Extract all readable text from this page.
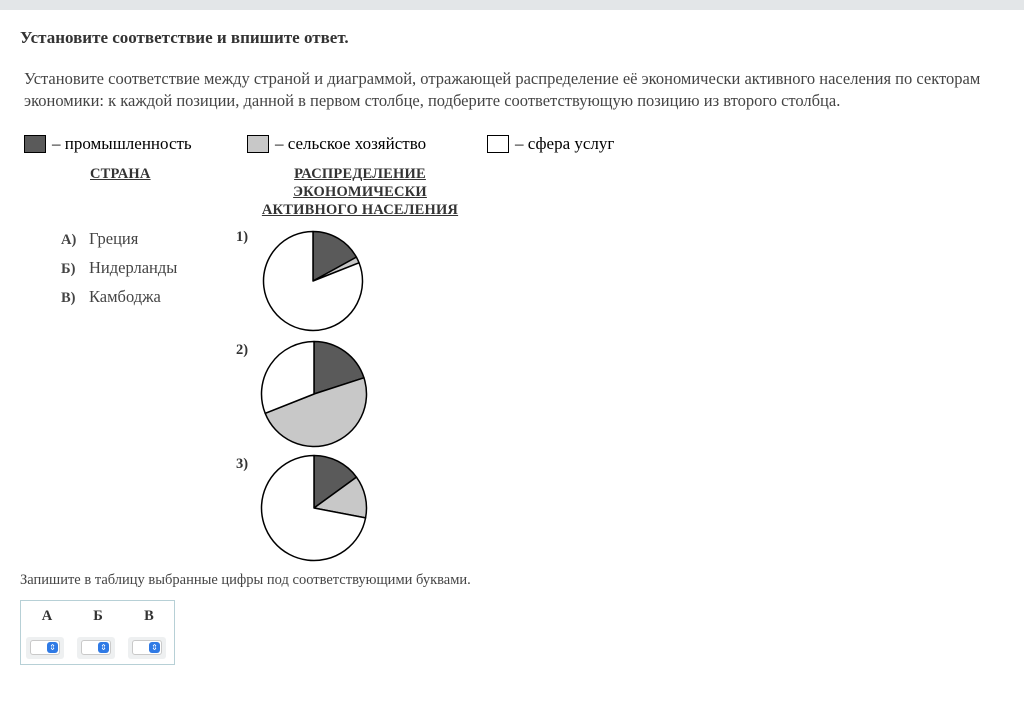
Установите соответствие и впишите ответ.
Установите соответствие между страной и диаграммой, отражающей распределение её экономически активного населения по секторам экономики: к каждой позиции, данной в первом столбце, подберите соответствующую позицию из второго столбца.
– промышленность	– сельское хозяйство	– сфера услуг
СТРАНА	РАСПРЕДЕЛЕНИЕ
ЭКОНОМИЧЕСКИ
АКТИВНОГО НАСЕЛЕНИЯ
А) Греция
Б) Нидерланды
В) Камбоджа
1)
2)
3)
Запишите в таблицу выбранные цифры под соответствующими буквами.
А	Б	В
⇕	⇕	⇕
